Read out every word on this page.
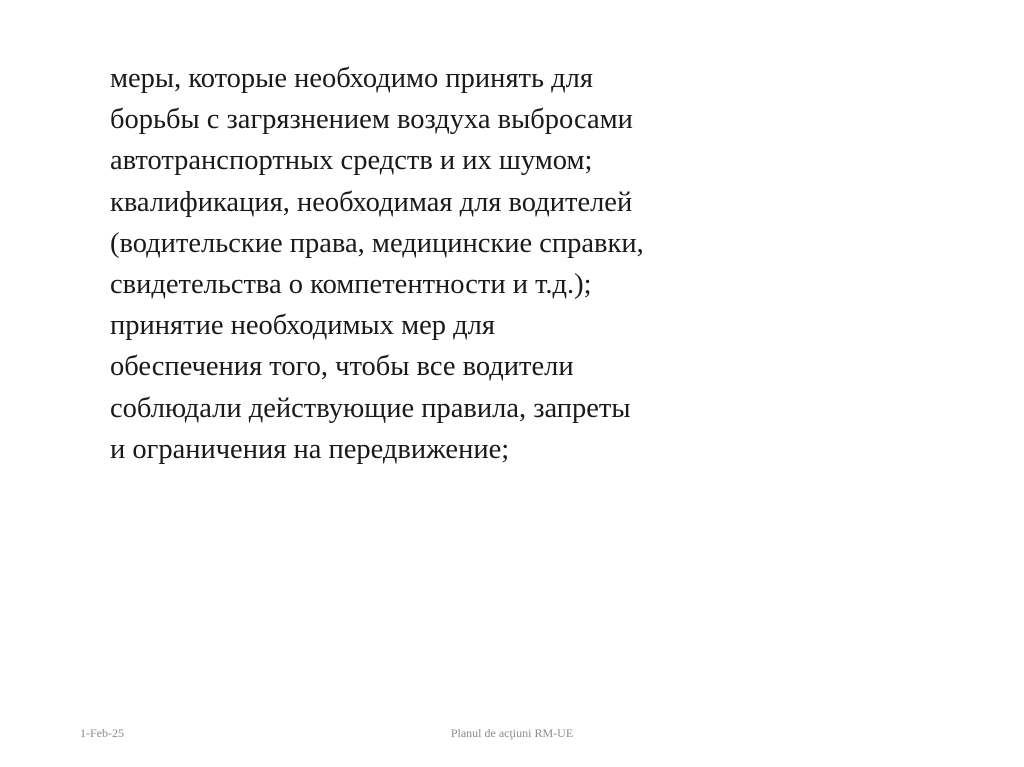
меры, которые необходимо принять для
борьбы с загрязнением воздуха выбросами
автотранспортных средств и их шумом;
квалификация, необходимая для водителей
(водительские права, медицинские справки,
свидетельства о компетентности и т.д.);
принятие необходимых мер для
обеспечения того, чтобы все водители
соблюдали действующие правила, запреты
и ограничения на передвижение;
1-Feb-25	Planul de acţiuni RM-UE
